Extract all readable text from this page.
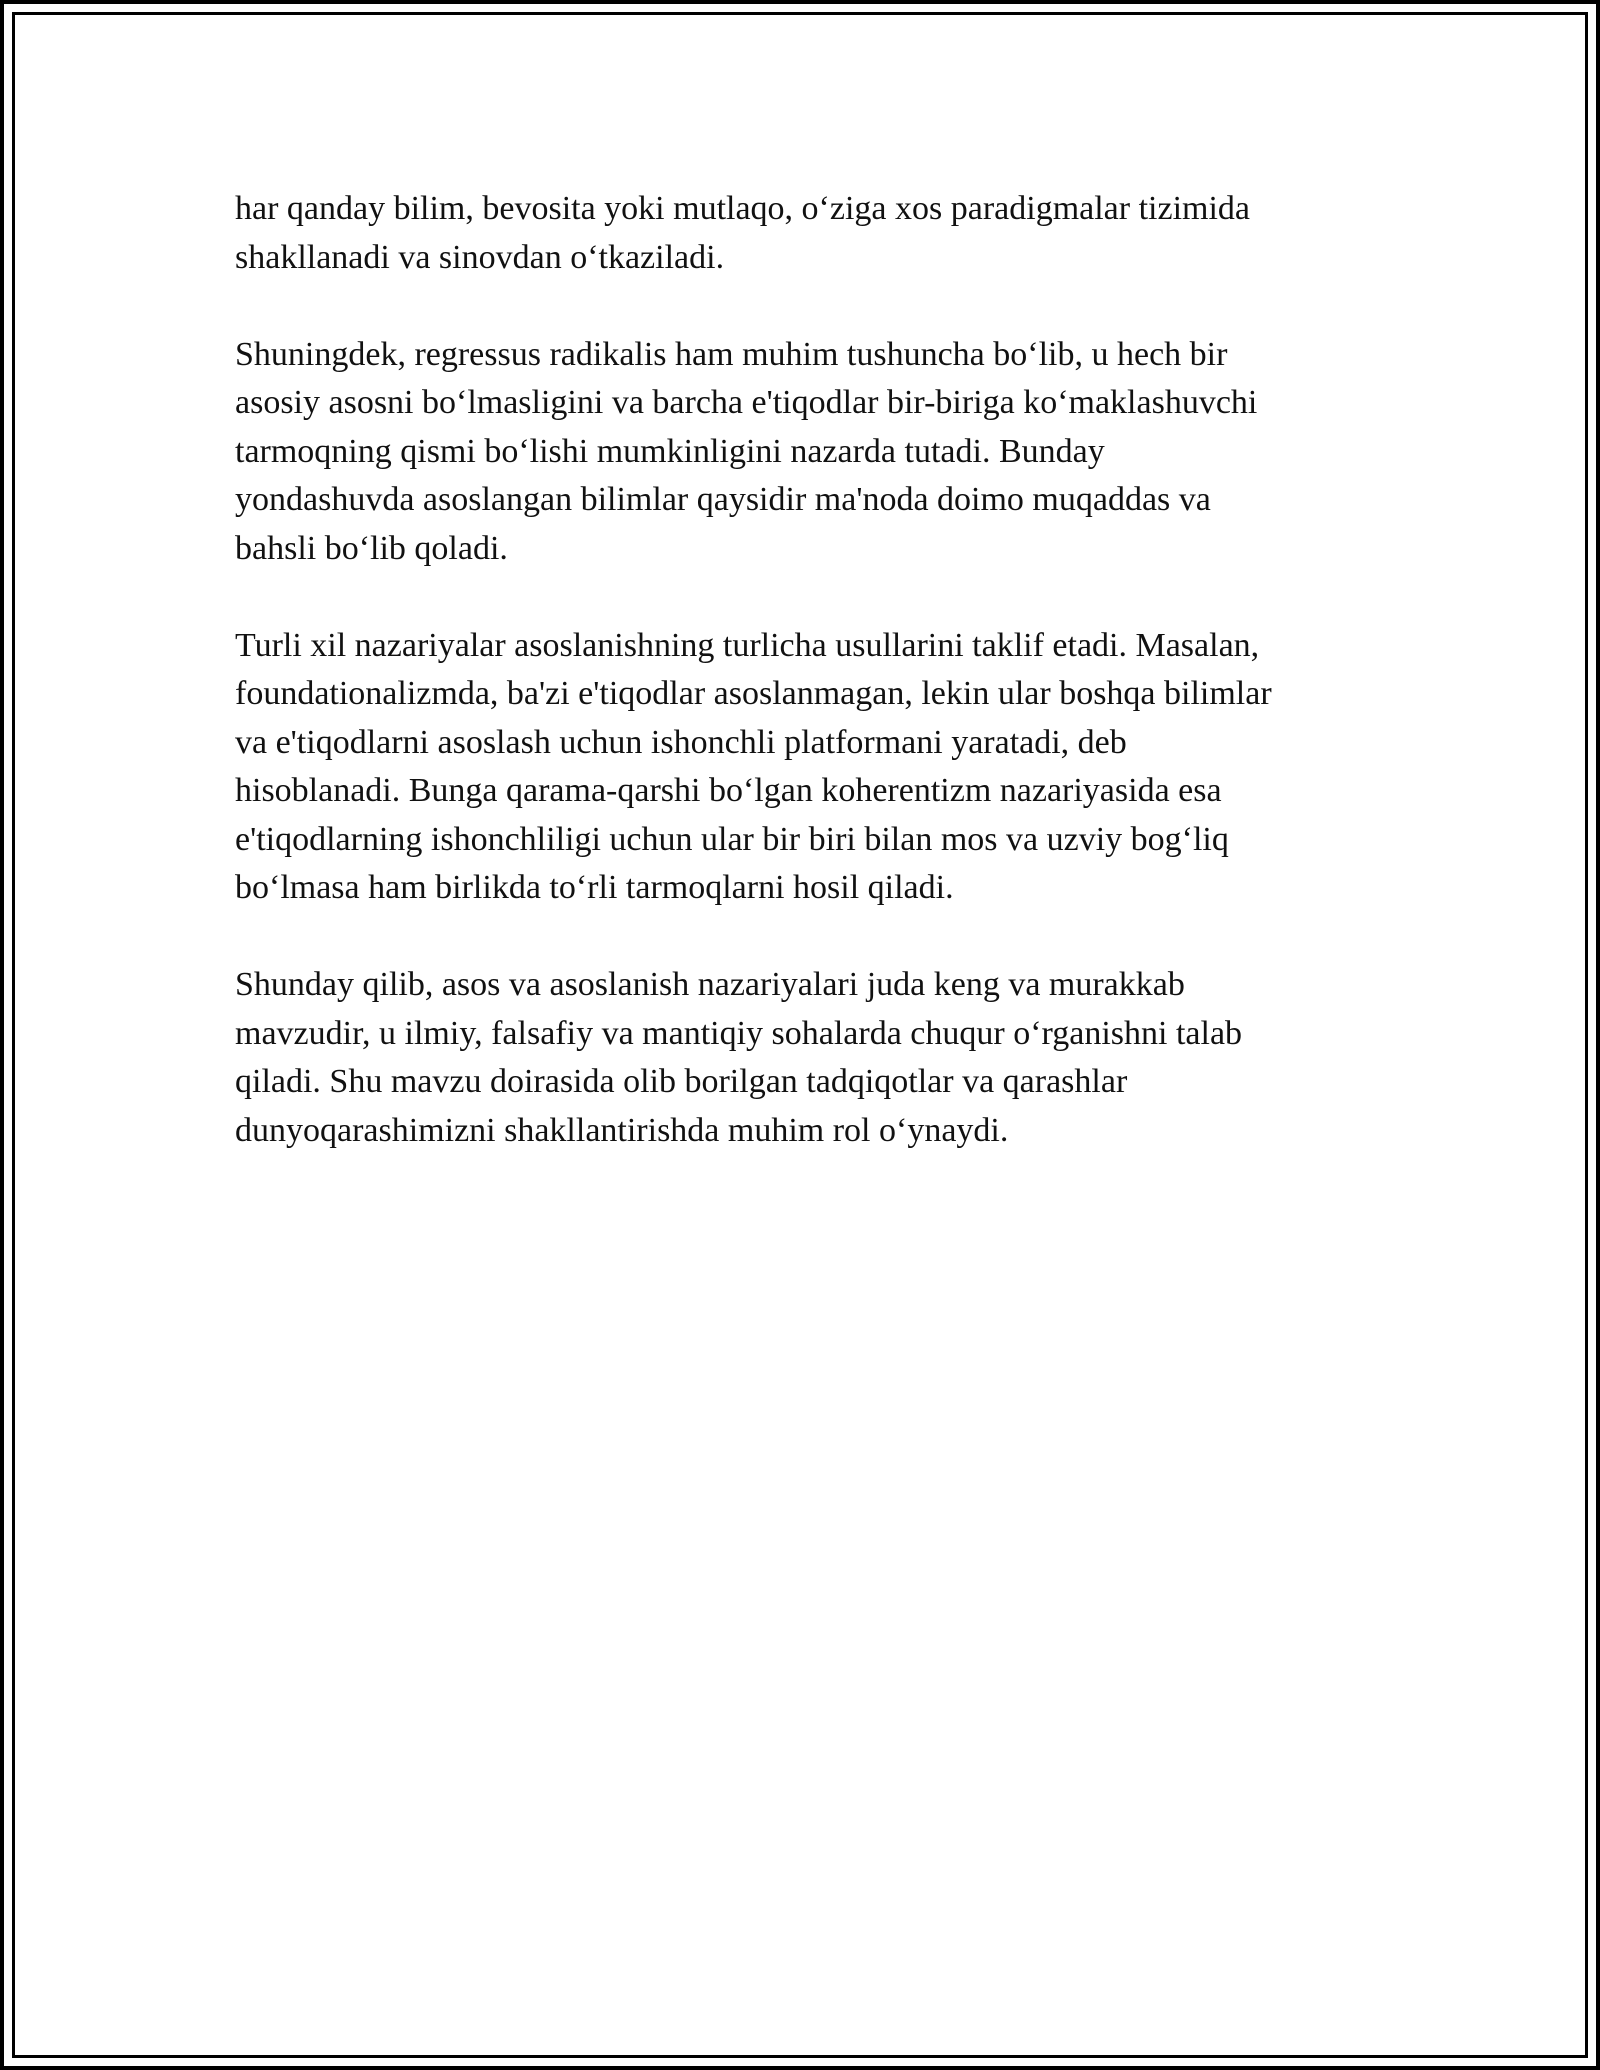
har qanday bilim, bevosita yoki mutlaqo, o‘ziga xos paradigmalar tizimida
shakllanadi va sinovdan o‘tkaziladi.

Shuningdek, regressus radikalis ham muhim tushuncha bo‘lib, u hech bir
asosiy asosni bo‘lmasligini va barcha e'tiqodlar bir-biriga ko‘maklashuvchi
tarmoqning qismi bo‘lishi mumkinligini nazarda tutadi. Bunday
yondashuvda asoslangan bilimlar qaysidir ma'noda doimo muqaddas va
bahsli bo‘lib qoladi.

Turli xil nazariyalar asoslanishning turlicha usullarini taklif etadi. Masalan,
foundationalizmda, ba'zi e'tiqodlar asoslanmagan, lekin ular boshqa bilimlar
va e'tiqodlarni asoslash uchun ishonchli platformani yaratadi, deb
hisoblanadi. Bunga qarama-qarshi bo‘lgan koherentizm nazariyasida esa
e'tiqodlarning ishonchliligi uchun ular bir biri bilan mos va uzviy bog‘liq
bo‘lmasa ham birlikda to‘rli tarmoqlarni hosil qiladi.

Shunday qilib, asos va asoslanish nazariyalari juda keng va murakkab
mavzudir, u ilmiy, falsafiy va mantiqiy sohalarda chuqur o‘rganishni talab
qiladi. Shu mavzu doirasida olib borilgan tadqiqotlar va qarashlar
dunyoqarashimizni shakllantirishda muhim rol o‘ynaydi.
